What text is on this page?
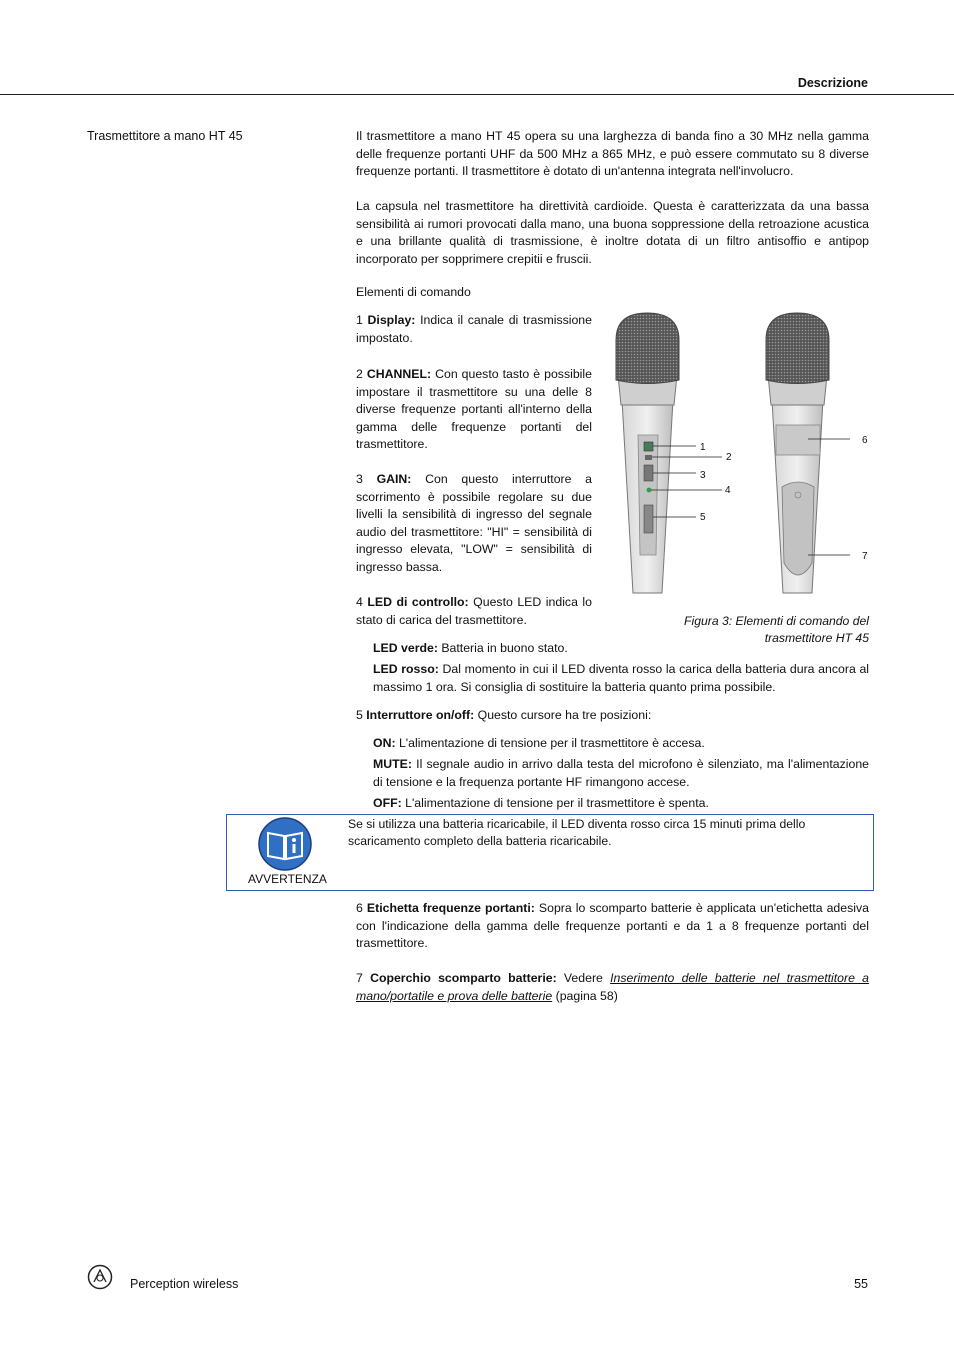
Descrizione
Trasmettitore a mano HT 45	Il trasmettitore a mano HT 45 opera su una larghezza di banda fino a 30 MHz nella gamma delle frequenze portanti UHF da 500 MHz a 865 MHz, e può essere commutato su 8 diverse frequenze portanti. Il trasmettitore è dotato di un'antenna integrata nell'involucro.
La capsula nel trasmettitore ha direttività cardioide. Questa è caratterizzata da una bassa sensibilità ai rumori provocati dalla mano, una buona soppressione della retroazione acustica e una brillante qualità di trasmissione, è inoltre dotata di un filtro antisoffio e antipop incorporato per sopprimere crepitii e fruscii.
Elementi di comando
1 Display: Indica il canale di trasmissione impostato.
2 CHANNEL: Con questo tasto è possibile impostare il trasmettitore su una delle 8 diverse frequenze portanti all'interno della gamma delle frequenze portanti del trasmettitore.
3 GAIN: Con questo interruttore a scorrimento è possibile regolare su due livelli la sensibilità di ingresso del segnale audio del trasmettitore: "HI" = sensibilità di ingresso elevata, "LOW" = sensibilità di ingresso bassa.
4 LED di controllo: Questo LED indica lo stato di carica del trasmettitore.
1
2
3
4
5
6
7
Figura 3: Elementi di comando del
trasmettitore HT 45
LED verde: Batteria in buono stato.
LED rosso: Dal momento in cui il LED diventa rosso la carica della batteria dura ancora al massimo 1 ora. Si consiglia di sostituire la batteria quanto prima possibile.
5 Interruttore on/off: Questo cursore ha tre posizioni:
ON: L'alimentazione di tensione per il trasmettitore è accesa.
MUTE: Il segnale audio in arrivo dalla testa del microfono è silenziato, ma l'alimentazione di tensione e la frequenza portante HF rimangono accese.
OFF: L'alimentazione di tensione per il trasmettitore è spenta.
Se si utilizza una batteria ricaricabile, il LED diventa rosso circa 15 minuti prima dello scaricamento completo della batteria ricaricabile.
AVVERTENZA
6 Etichetta frequenze portanti: Sopra lo scomparto batterie è applicata un'etichetta adesiva con l'indicazione della gamma delle frequenze portanti e da 1 a 8 frequenze portanti del trasmettitore.
7 Coperchio scomparto batterie: Vedere Inserimento delle batterie nel trasmettitore a mano/portatile e prova delle batterie (pagina 58)
Perception wireless	55
